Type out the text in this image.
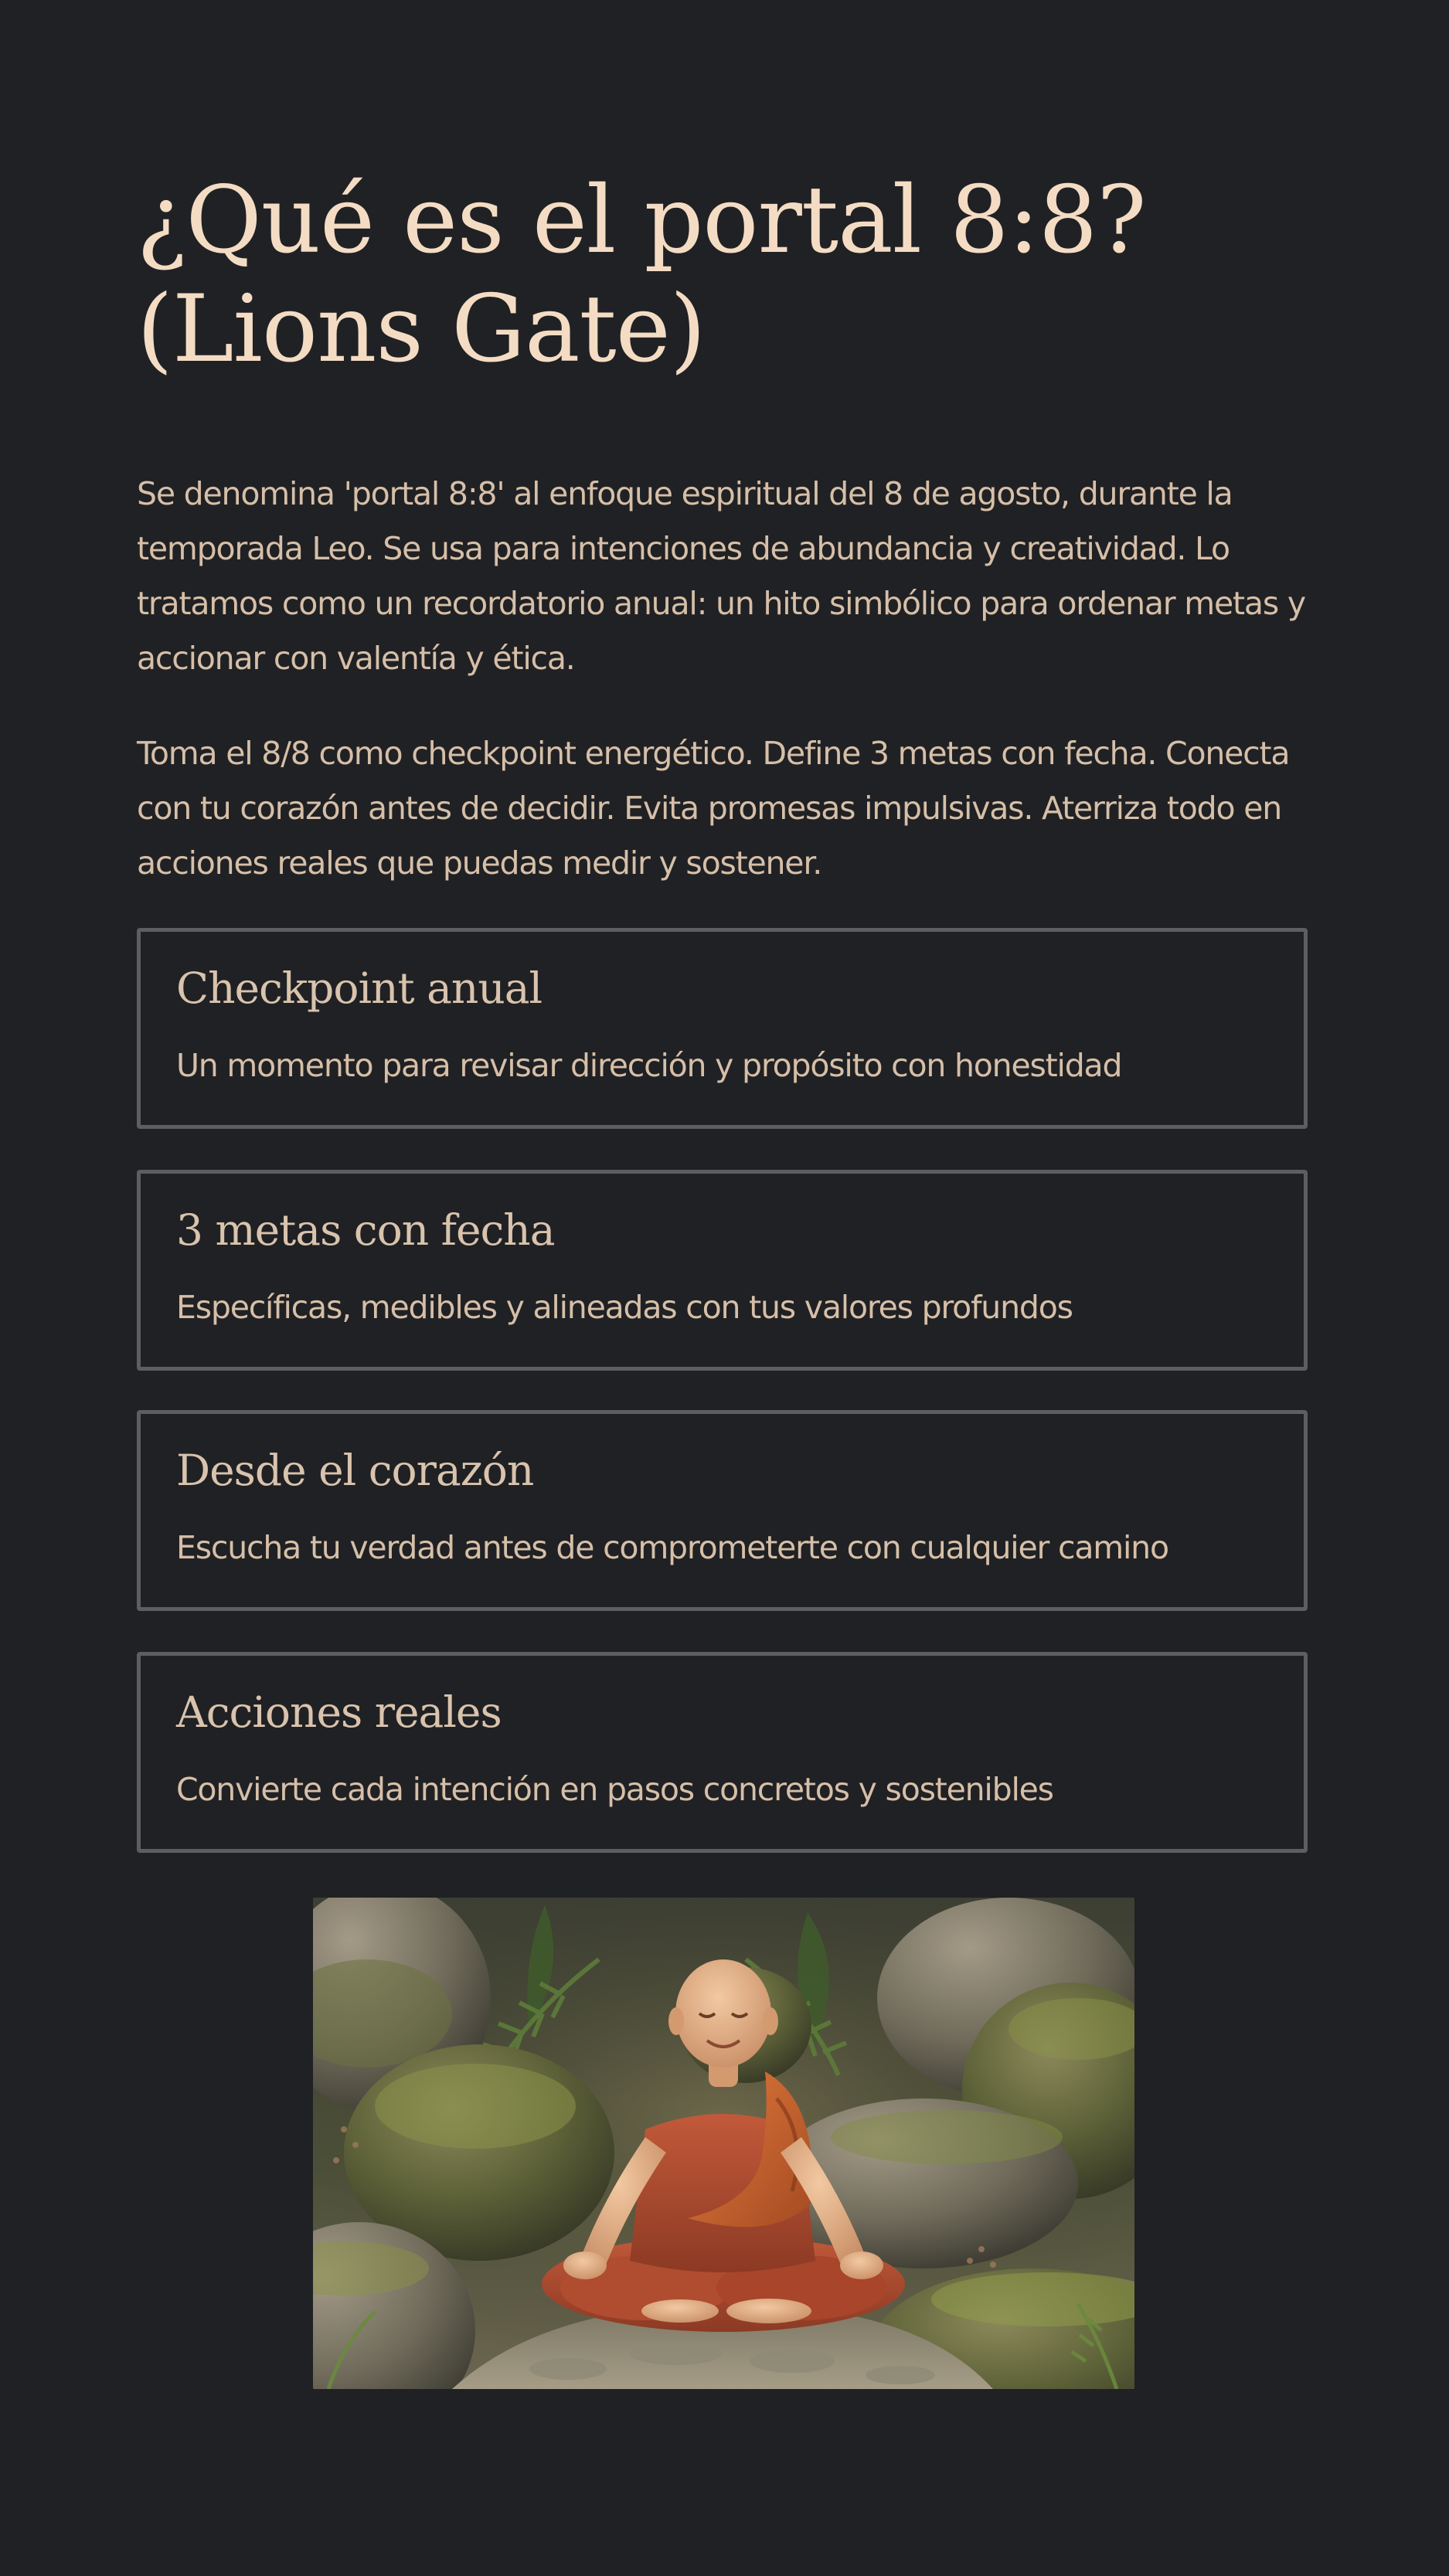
¿Qué es el portal 8:8? (Lions Gate)

Se denomina 'portal 8:8' al enfoque espiritual del 8 de agosto, durante la temporada Leo. Se usa para intenciones de abundancia y creatividad. Lo tratamos como un recordatorio anual: un hito simbólico para ordenar metas y accionar con valentía y ética.

Toma el 8/8 como checkpoint energético. Define 3 metas con fecha. Conecta con tu corazón antes de decidir. Evita promesas impulsivas. Aterriza todo en acciones reales que puedas medir y sostener.

Checkpoint anual

Un momento para revisar dirección y propósito con honestidad

3 metas con fecha

Específicas, medibles y alineadas con tus valores profundos

Desde el corazón

Escucha tu verdad antes de comprometerte con cualquier camino

Acciones reales

Convierte cada intención en pasos concretos y sostenibles
